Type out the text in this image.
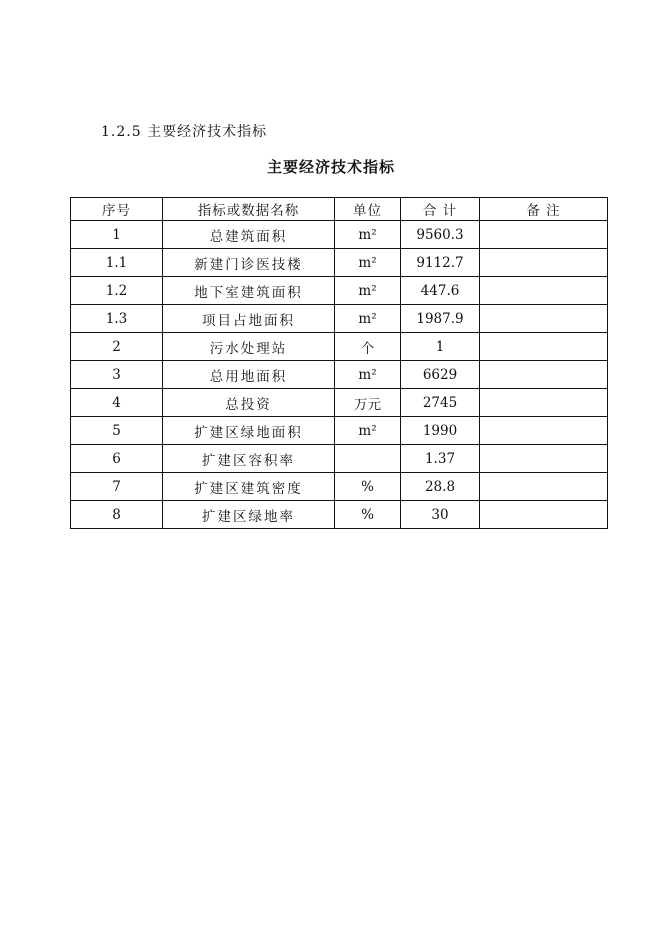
1.2.5 主要经济技术指标
主要经济技术指标
序号	指标或数据名称	单位	合 计	备 注
1	总建筑面积	m²	9560.3	
1.1	新建门诊医技楼	m²	9112.7	
1.2	地下室建筑面积	m²	447.6	
1.3	项目占地面积	m²	1987.9	
2	污水处理站	个	1	
3	总用地面积	m²	6629	
4	总投资	万元	2745	
5	扩建区绿地面积	m²	1990	
6	扩建区容积率		1.37	
7	扩建区建筑密度	%	28.8	
8	扩建区绿地率	%	30	
